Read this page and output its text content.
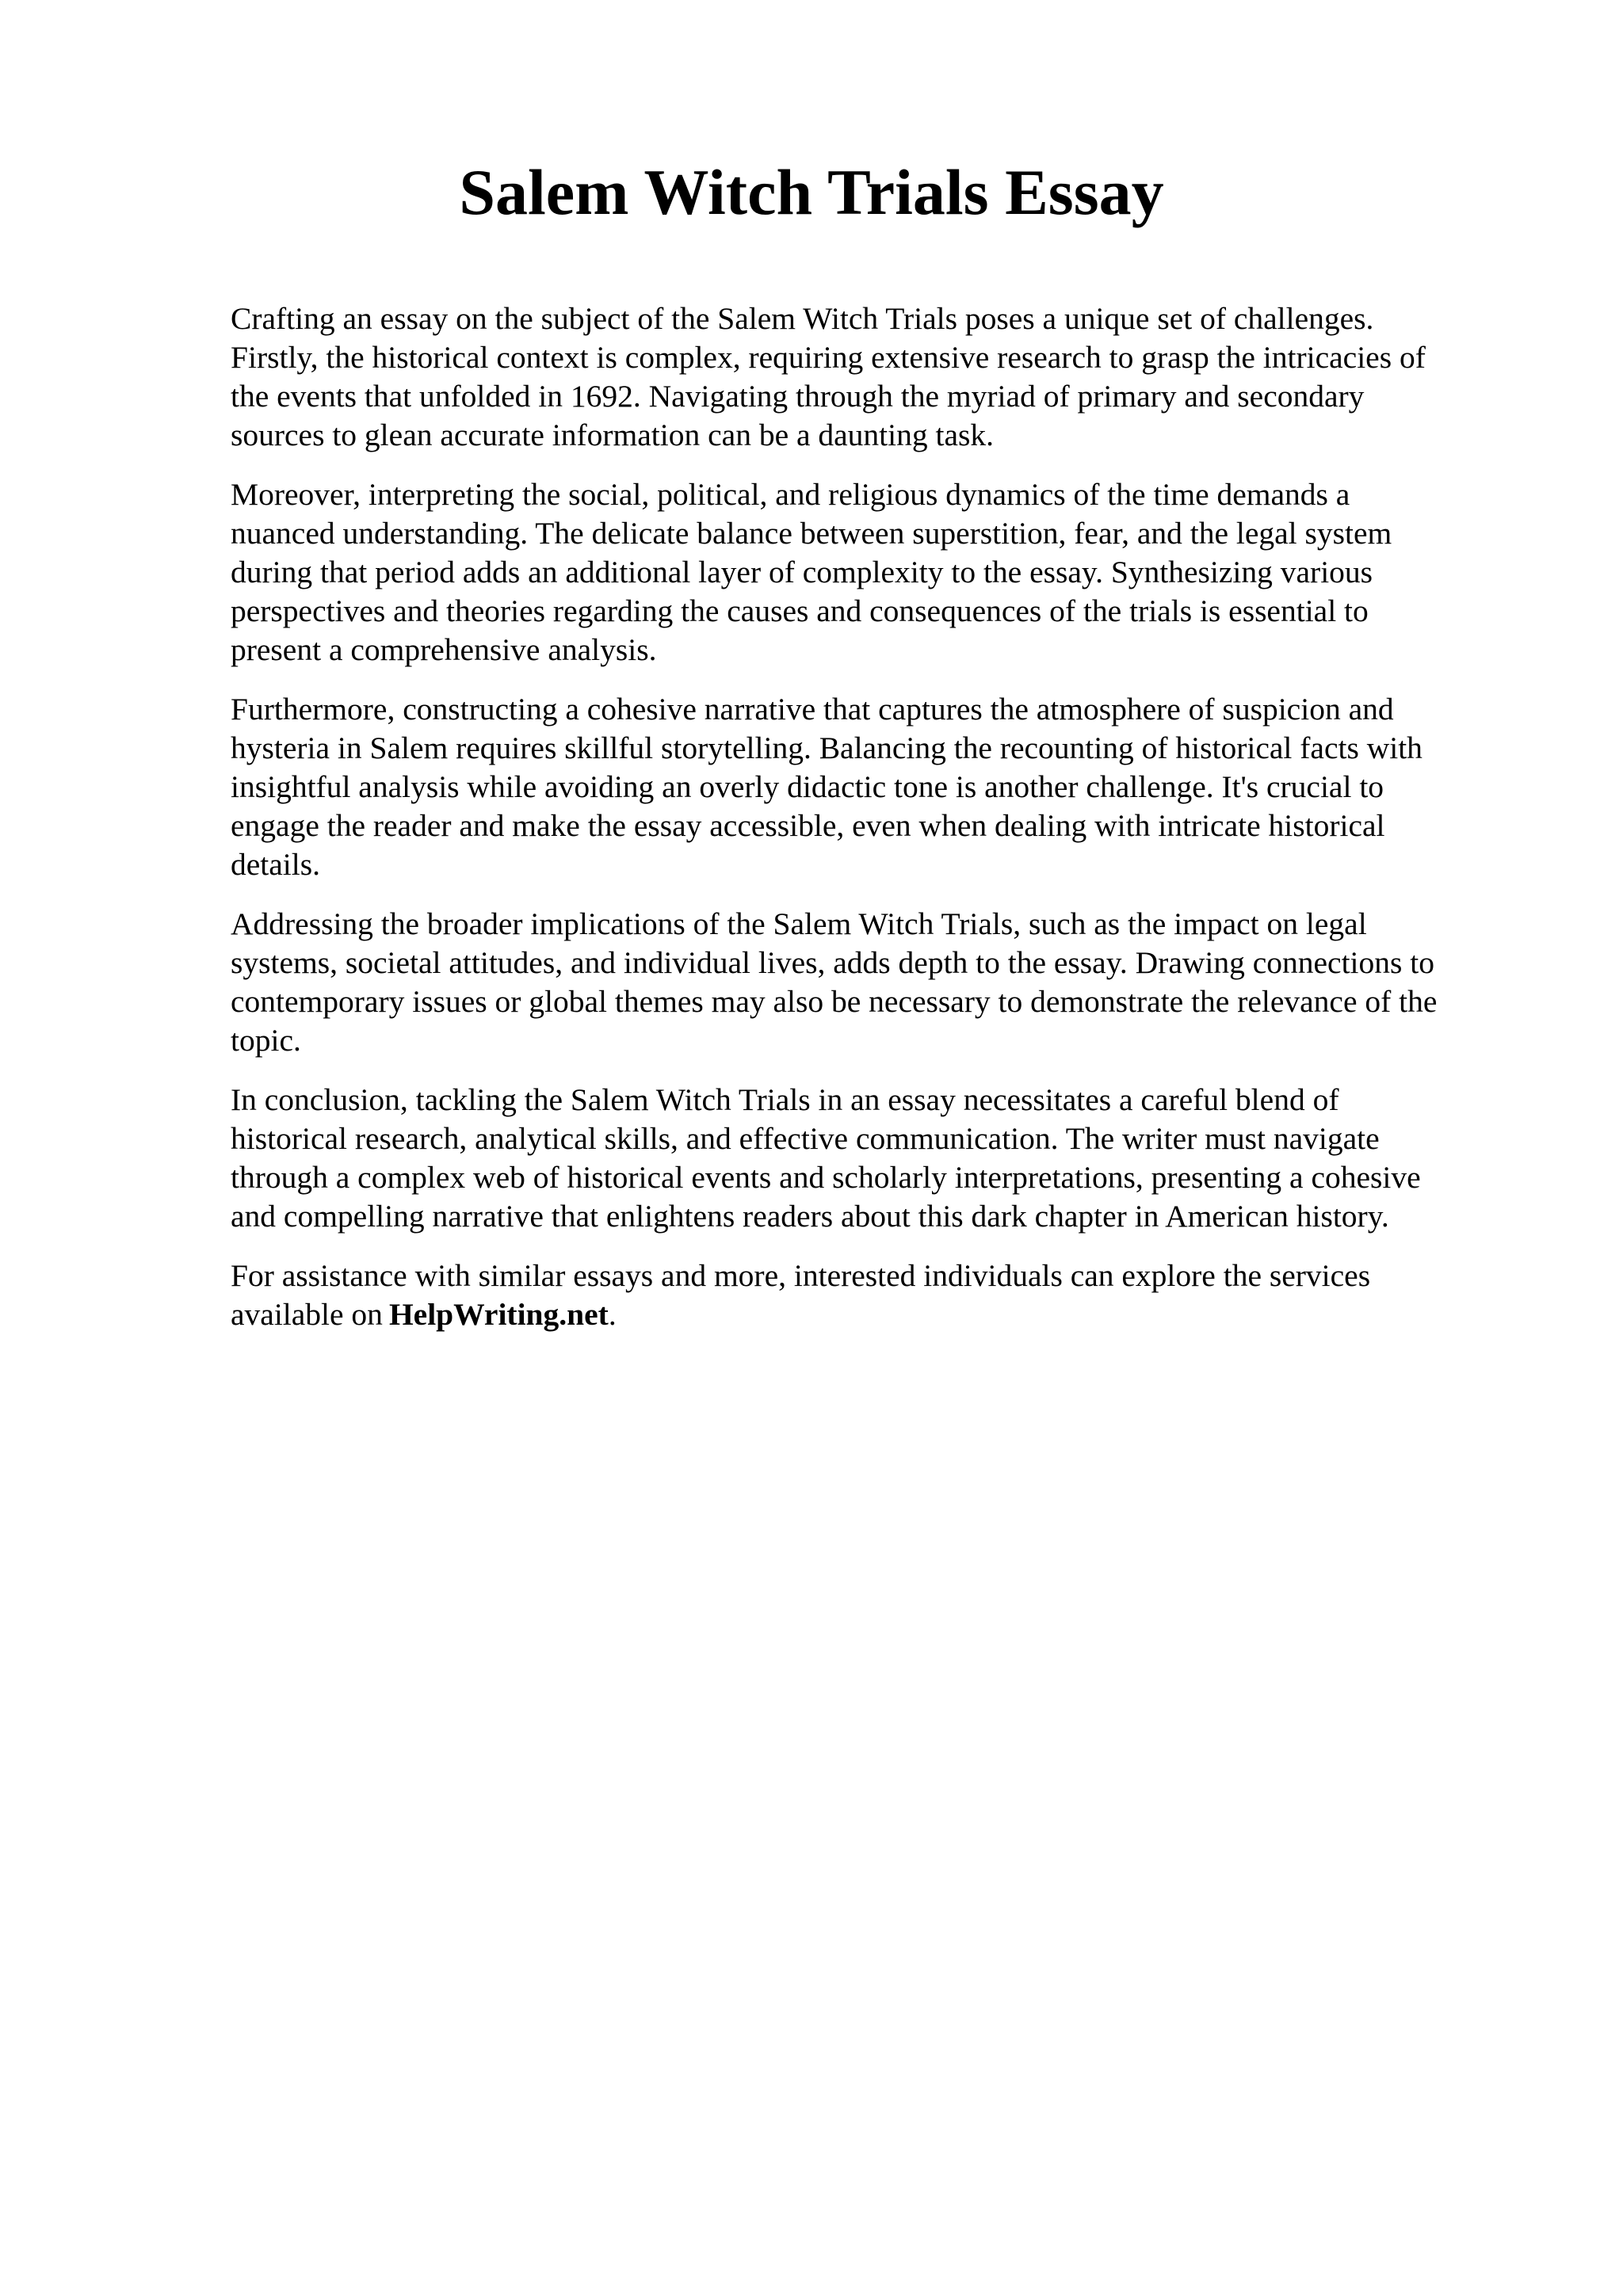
Salem Witch Trials Essay

Crafting an essay on the subject of the Salem Witch Trials poses a unique set of challenges.
Firstly, the historical context is complex, requiring extensive research to grasp the intricacies of
the events that unfolded in 1692. Navigating through the myriad of primary and secondary
sources to glean accurate information can be a daunting task.

Moreover, interpreting the social, political, and religious dynamics of the time demands a
nuanced understanding. The delicate balance between superstition, fear, and the legal system
during that period adds an additional layer of complexity to the essay. Synthesizing various
perspectives and theories regarding the causes and consequences of the trials is essential to
present a comprehensive analysis.

Furthermore, constructing a cohesive narrative that captures the atmosphere of suspicion and
hysteria in Salem requires skillful storytelling. Balancing the recounting of historical facts with
insightful analysis while avoiding an overly didactic tone is another challenge. It's crucial to
engage the reader and make the essay accessible, even when dealing with intricate historical
details.

Addressing the broader implications of the Salem Witch Trials, such as the impact on legal
systems, societal attitudes, and individual lives, adds depth to the essay. Drawing connections to
contemporary issues or global themes may also be necessary to demonstrate the relevance of the
topic.

In conclusion, tackling the Salem Witch Trials in an essay necessitates a careful blend of
historical research, analytical skills, and effective communication. The writer must navigate
through a complex web of historical events and scholarly interpretations, presenting a cohesive
and compelling narrative that enlightens readers about this dark chapter in American history.

For assistance with similar essays and more, interested individuals can explore the services
available on HelpWriting.net.
